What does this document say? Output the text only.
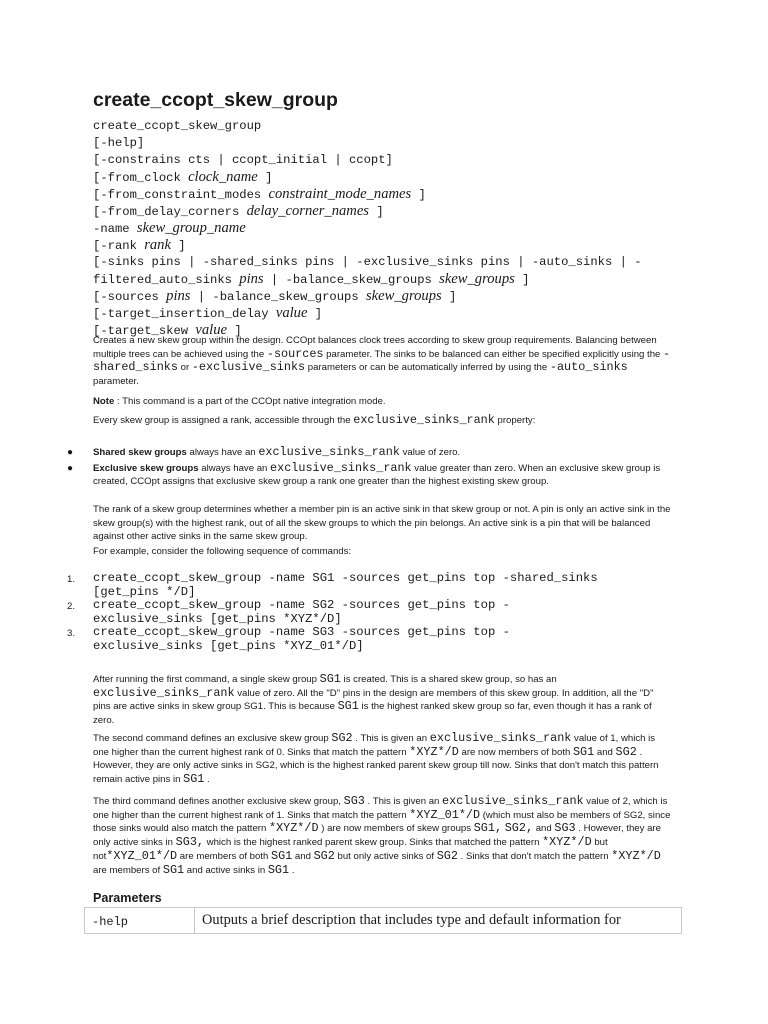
create_ccopt_skew_group
create_ccopt_skew_group
[-help]
[-constrains cts | ccopt_initial | ccopt]
[-from_clock clock_name ]
[-from_constraint_modes constraint_mode_names ]
[-from_delay_corners delay_corner_names ]
-name skew_group_name
[-rank rank ]
[-sinks pins | -shared_sinks pins | -exclusive_sinks pins | -auto_sinks | -
filtered_auto_sinks pins | -balance_skew_groups skew_groups ]
[-sources pins | -balance_skew_groups skew_groups ]
[-target_insertion_delay value ]
[-target_skew value ]

Creates a new skew group within the design. CCOpt balances clock trees according to skew group requirements. Balancing between multiple trees can be achieved using the -sources parameter. The sinks to be balanced can either be specified explicitly using the -shared_sinks or -exclusive_sinks parameters or can be automatically inferred by using the -auto_sinks parameter.

Note : This command is a part of the CCOpt native integration mode.

Every skew group is assigned a rank, accessible through the exclusive_sinks_rank property:

● Shared skew groups always have an exclusive_sinks_rank value of zero.
● Exclusive skew groups always have an exclusive_sinks_rank value greater than zero. When an exclusive skew group is created, CCOpt assigns that exclusive skew group a rank one greater than the highest existing skew group.

The rank of a skew group determines whether a member pin is an active sink in that skew group or not. A pin is only an active sink in the skew group(s) with the highest rank, out of all the skew groups to which the pin belongs. An active sink is a pin that will be balanced against other active sinks in the same skew group.

For example, consider the following sequence of commands:

1. create_ccopt_skew_group -name SG1 -sources get_pins top -shared_sinks
[get_pins */D]
2. create_ccopt_skew_group -name SG2 -sources get_pins top -
exclusive_sinks [get_pins *XYZ*/D]
3. create_ccopt_skew_group -name SG3 -sources get_pins top -
exclusive_sinks [get_pins *XYZ_01*/D]

After running the first command, a single skew group SG1 is created. This is a shared skew group, so has an exclusive_sinks_rank value of zero. All the "D" pins in the design are members of this skew group. In addition, all the "D" pins are active sinks in skew group SG1. This is because SG1 is the highest ranked skew group so far, even though it has a rank of zero.

The second command defines an exclusive skew group SG2 . This is given an exclusive_sinks_rank value of 1, which is one higher than the current highest rank of 0. Sinks that match the pattern *XYZ*/D are now members of both SG1 and SG2 . However, they are only active sinks in SG2, which is the highest ranked parent skew group till now. Sinks that don't match this pattern remain active pins in SG1 .

The third command defines another exclusive skew group, SG3 . This is given an exclusive_sinks_rank value of 2, which is one higher than the current highest rank of 1. Sinks that match the pattern *XYZ_01*/D (which must also be members of SG2, since those sinks would also match the pattern *XYZ*/D ) are now members of skew groups SG1, SG2, and SG3 . However, they are only active sinks in SG3, which is the highest ranked parent skew group. Sinks that matched the pattern *XYZ*/D but not*XYZ_01*/D are members of both SG1 and SG2 but only active sinks of SG2 . Sinks that don't match the pattern *XYZ*/D are members of SG1 and active sinks in SG1 .

Parameters
-help	Outputs a brief description that includes type and default information for
